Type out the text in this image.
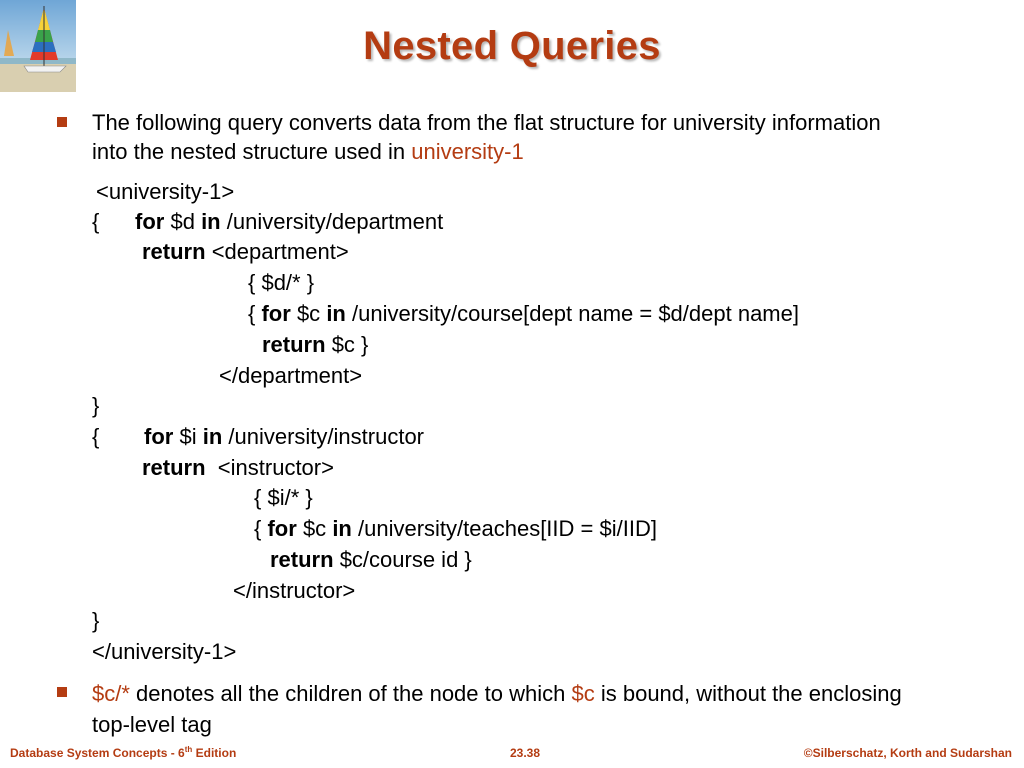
Nested Queries
The following query converts data from the flat structure for university information into the nested structure used in university-1
<university-1>
{ for $d in /university/department
return <department>
{ $d/* }
{ for $c in /university/course[dept name = $d/dept name]
return $c }
</department>
}
{ for $i in /university/instructor
return <instructor>
{ $i/* }
{ for $c in /university/teaches[IID = $i/IID]
return $c/course id }
</instructor>
}
</university-1>
$c/* denotes all the children of the node to which $c is bound, without the enclosing top-level tag
Database System Concepts - 6th Edition	23.38	©Silberschatz, Korth and Sudarshan
